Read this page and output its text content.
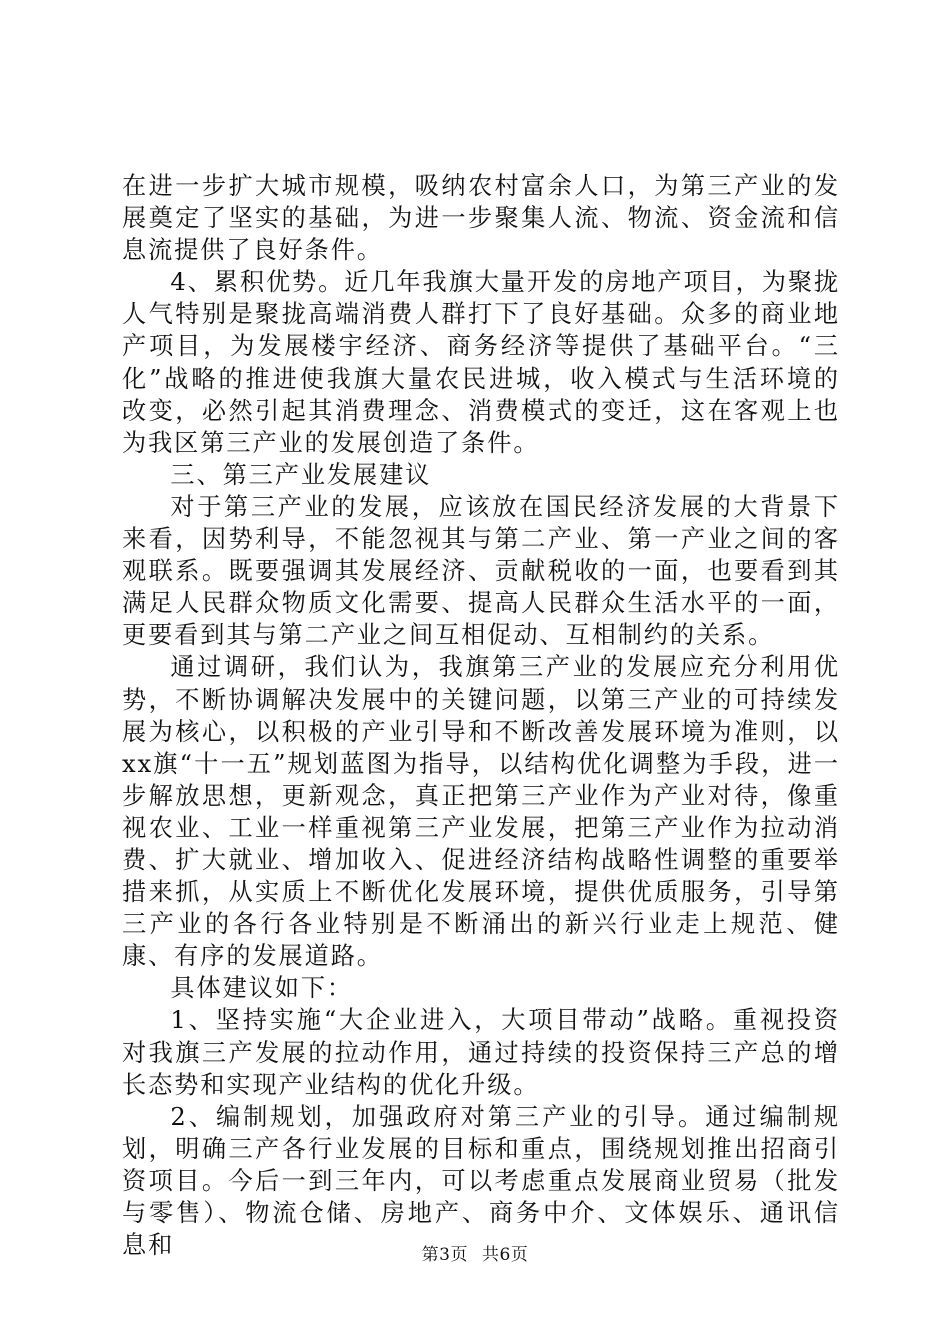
在进一步扩大城市规模，吸纳农村富余人口，为第三产业的发展奠定了坚实的基础，为进一步聚集人流、物流、资金流和信息流提供了良好条件。

4、累积优势。近几年我旗大量开发的房地产项目，为聚拢人气特别是聚拢高端消费人群打下了良好基础。众多的商业地产项目，为发展楼宇经济、商务经济等提供了基础平台。“三化”战略的推进使我旗大量农民进城，收入模式与生活环境的改变，必然引起其消费理念、消费模式的变迁，这在客观上也为我区第三产业的发展创造了条件。

三、第三产业发展建议

对于第三产业的发展，应该放在国民经济发展的大背景下来看，因势利导，不能忽视其与第二产业、第一产业之间的客观联系。既要强调其发展经济、贡献税收的一面，也要看到其满足人民群众物质文化需要、提高人民群众生活水平的一面，更要看到其与第二产业之间互相促动、互相制约的关系。

通过调研，我们认为，我旗第三产业的发展应充分利用优势，不断协调解决发展中的关键问题，以第三产业的可持续发展为核心，以积极的产业引导和不断改善发展环境为准则，以xx旗“十一五”规划蓝图为指导，以结构优化调整为手段，进一步解放思想，更新观念，真正把第三产业作为产业对待，像重视农业、工业一样重视第三产业发展，把第三产业作为拉动消费、扩大就业、增加收入、促进经济结构战略性调整的重要举措来抓，从实质上不断优化发展环境，提供优质服务，引导第三产业的各行各业特别是不断涌出的新兴行业走上规范、健康、有序的发展道路。

具体建议如下：

1、坚持实施“大企业进入，大项目带动”战略。重视投资对我旗三产发展的拉动作用，通过持续的投资保持三产总的增长态势和实现产业结构的优化升级。

2、编制规划，加强政府对第三产业的引导。通过编制规划，明确三产各行业发展的目标和重点，围绕规划推出招商引资项目。今后一到三年内，可以考虑重点发展商业贸易（批发与零售）、物流仓储、房地产、商务中介、文体娱乐、通讯信息和	第3页 共6页
